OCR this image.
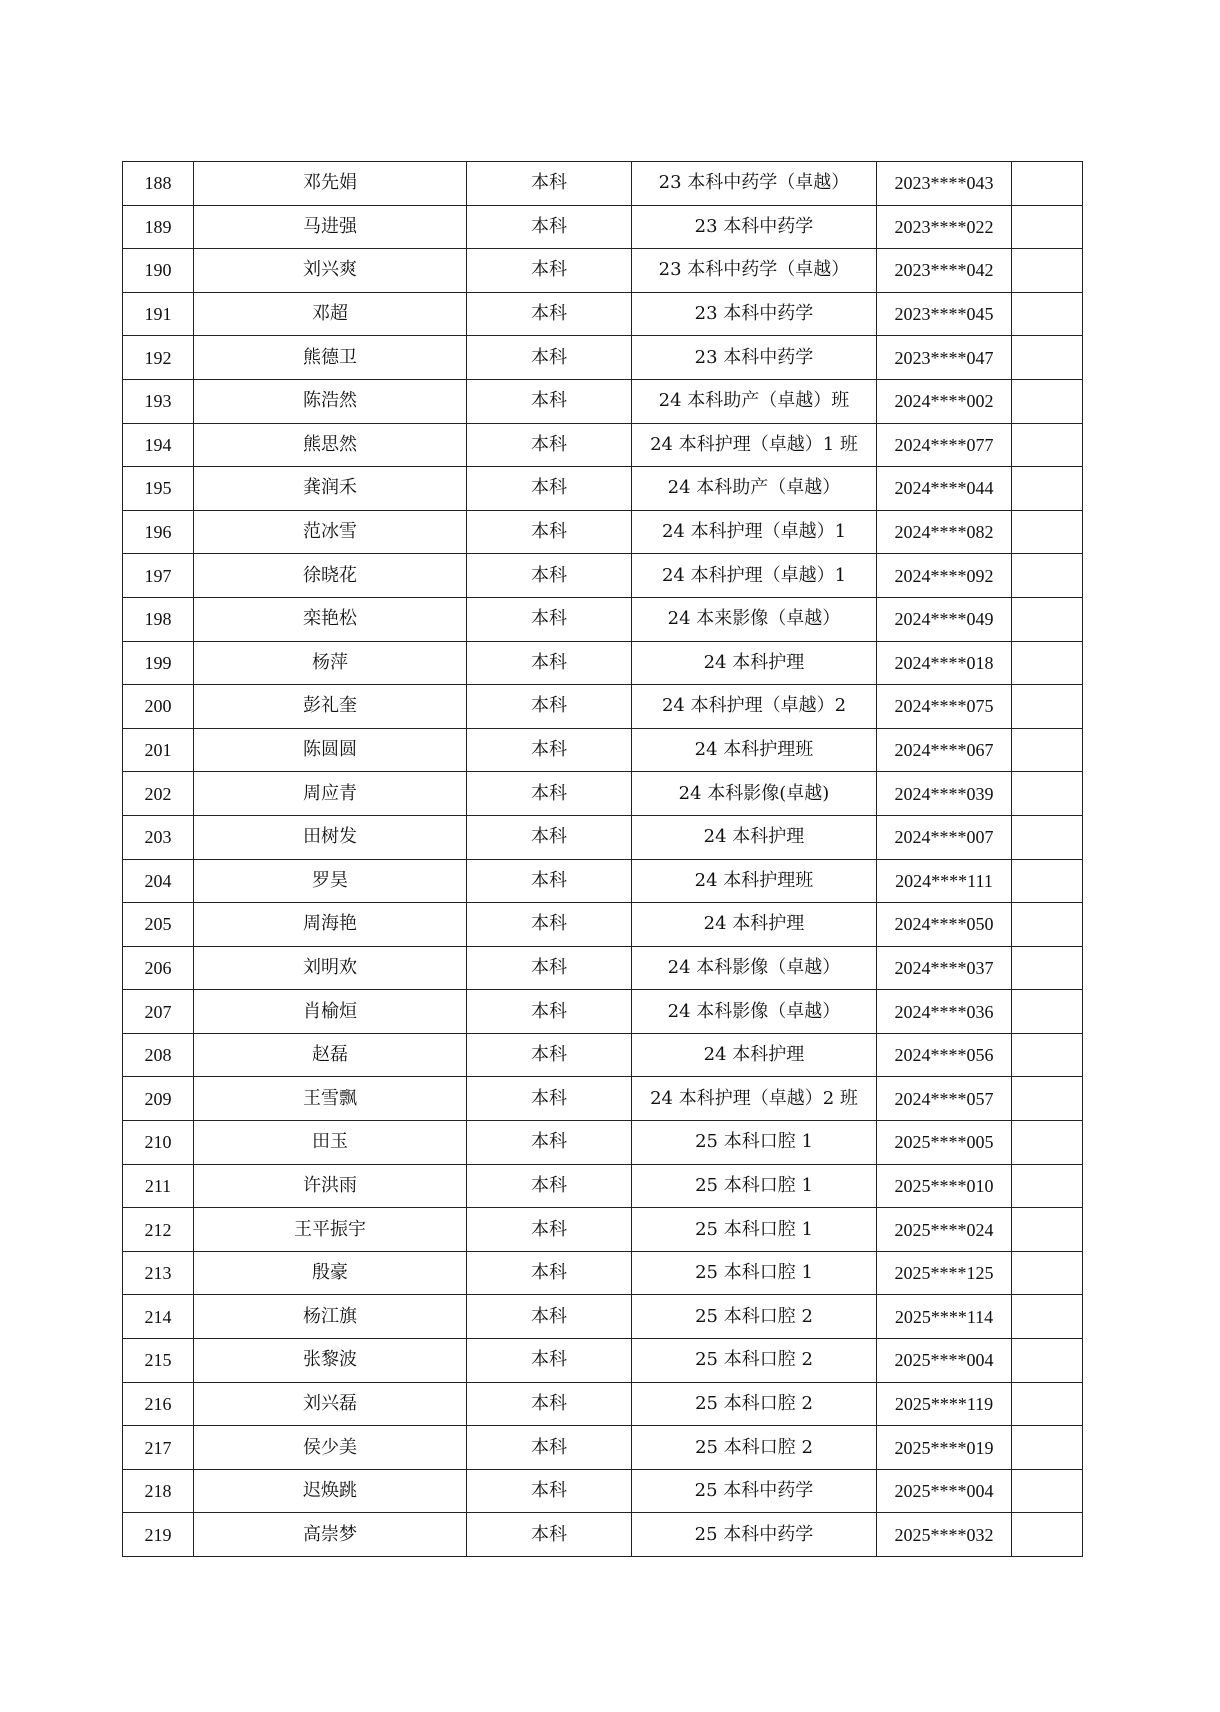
188	邓先娟	本科	23 本科中药学（卓越）	2023****043	
189	马进强	本科	23 本科中药学	2023****022	
190	刘兴爽	本科	23 本科中药学（卓越）	2023****042	
191	邓超	本科	23 本科中药学	2023****045	
192	熊德卫	本科	23 本科中药学	2023****047	
193	陈浩然	本科	24 本科助产（卓越）班	2024****002	
194	熊思然	本科	24 本科护理（卓越）1 班	2024****077	
195	龚润禾	本科	24 本科助产（卓越）	2024****044	
196	范冰雪	本科	24 本科护理（卓越）1	2024****082	
197	徐晓花	本科	24 本科护理（卓越）1	2024****092	
198	栾艳松	本科	24 本来影像（卓越）	2024****049	
199	杨萍	本科	24 本科护理	2024****018	
200	彭礼奎	本科	24 本科护理（卓越）2	2024****075	
201	陈圆圆	本科	24 本科护理班	2024****067	
202	周应青	本科	24 本科影像(卓越)	2024****039	
203	田树发	本科	24 本科护理	2024****007	
204	罗昊	本科	24 本科护理班	2024****111	
205	周海艳	本科	24 本科护理	2024****050	
206	刘明欢	本科	24 本科影像（卓越）	2024****037	
207	肖榆烜	本科	24 本科影像（卓越）	2024****036	
208	赵磊	本科	24 本科护理	2024****056	
209	王雪飘	本科	24 本科护理（卓越）2 班	2024****057	
210	田玉	本科	25 本科口腔 1	2025****005	
211	许洪雨	本科	25 本科口腔 1	2025****010	
212	王平振宇	本科	25 本科口腔 1	2025****024	
213	殷豪	本科	25 本科口腔 1	2025****125	
214	杨江旗	本科	25 本科口腔 2	2025****114	
215	张黎波	本科	25 本科口腔 2	2025****004	
216	刘兴磊	本科	25 本科口腔 2	2025****119	
217	侯少美	本科	25 本科口腔 2	2025****019	
218	迟焕跳	本科	25 本科中药学	2025****004	
219	高崇梦	本科	25 本科中药学	2025****032	
